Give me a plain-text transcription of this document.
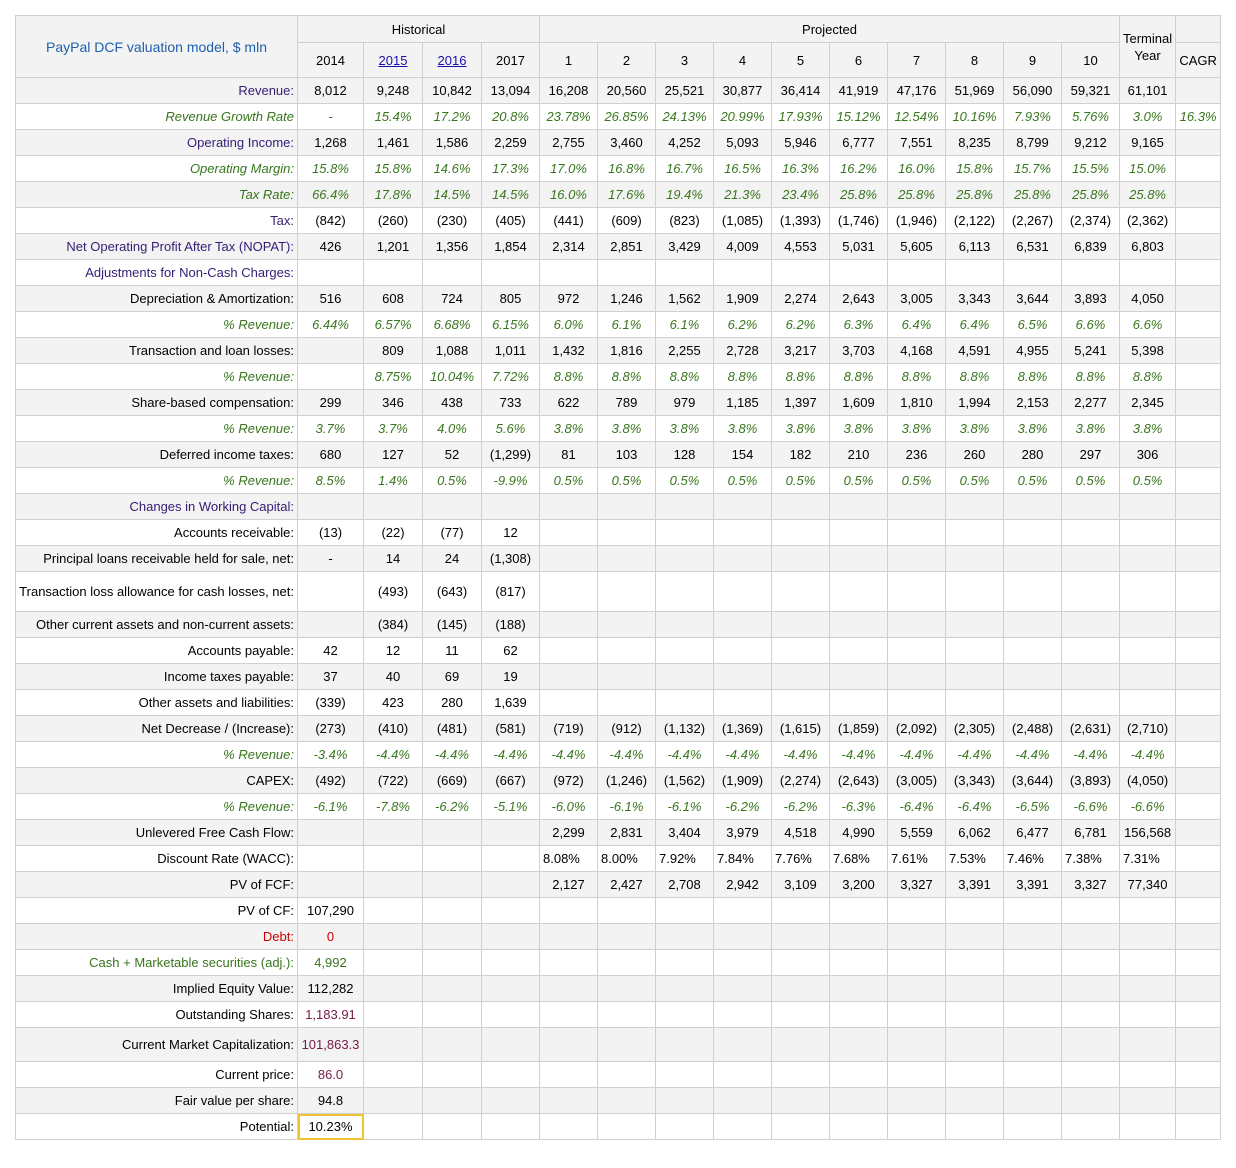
PayPal DCF valuation model, $ mln	Historical				Projected										Terminal Year	
	2014	2015	2016	2017	1	2	3	4	5	6	7	8	9	10		CAGR
Revenue:	8,012	9,248	10,842	13,094	16,208	20,560	25,521	30,877	36,414	41,919	47,176	51,969	56,090	59,321	61,101	
Revenue Growth Rate	-	15.4%	17.2%	20.8%	23.78%	26.85%	24.13%	20.99%	17.93%	15.12%	12.54%	10.16%	7.93%	5.76%	3.0%	16.3%
Operating Income:	1,268	1,461	1,586	2,259	2,755	3,460	4,252	5,093	5,946	6,777	7,551	8,235	8,799	9,212	9,165	
Operating Margin:	15.8%	15.8%	14.6%	17.3%	17.0%	16.8%	16.7%	16.5%	16.3%	16.2%	16.0%	15.8%	15.7%	15.5%	15.0%	
Tax Rate:	66.4%	17.8%	14.5%	14.5%	16.0%	17.6%	19.4%	21.3%	23.4%	25.8%	25.8%	25.8%	25.8%	25.8%	25.8%	
Tax:	(842)	(260)	(230)	(405)	(441)	(609)	(823)	(1,085)	(1,393)	(1,746)	(1,946)	(2,122)	(2,267)	(2,374)	(2,362)	
Net Operating Profit After Tax (NOPAT):	426	1,201	1,356	1,854	2,314	2,851	3,429	4,009	4,553	5,031	5,605	6,113	6,531	6,839	6,803	
Adjustments for Non-Cash Charges:																
Depreciation & Amortization:	516	608	724	805	972	1,246	1,562	1,909	2,274	2,643	3,005	3,343	3,644	3,893	4,050	
% Revenue:	6.44%	6.57%	6.68%	6.15%	6.0%	6.1%	6.1%	6.2%	6.2%	6.3%	6.4%	6.4%	6.5%	6.6%	6.6%	
Transaction and loan losses:		809	1,088	1,011	1,432	1,816	2,255	2,728	3,217	3,703	4,168	4,591	4,955	5,241	5,398	
% Revenue:		8.75%	10.04%	7.72%	8.8%	8.8%	8.8%	8.8%	8.8%	8.8%	8.8%	8.8%	8.8%	8.8%	8.8%	
Share-based compensation:	299	346	438	733	622	789	979	1,185	1,397	1,609	1,810	1,994	2,153	2,277	2,345	
% Revenue:	3.7%	3.7%	4.0%	5.6%	3.8%	3.8%	3.8%	3.8%	3.8%	3.8%	3.8%	3.8%	3.8%	3.8%	3.8%	
Deferred income taxes:	680	127	52	(1,299)	81	103	128	154	182	210	236	260	280	297	306	
% Revenue:	8.5%	1.4%	0.5%	-9.9%	0.5%	0.5%	0.5%	0.5%	0.5%	0.5%	0.5%	0.5%	0.5%	0.5%	0.5%	
Changes in Working Capital:																
Accounts receivable:	(13)	(22)	(77)	12												
Principal loans receivable held for sale, net:	-	14	24	(1,308)												
Transaction loss allowance for cash losses, net:		(493)	(643)	(817)												
Other current assets and non-current assets:		(384)	(145)	(188)												
Accounts payable:	42	12	11	62												
Income taxes payable:	37	40	69	19												
Other assets and liabilities:	(339)	423	280	1,639												
Net Decrease / (Increase):	(273)	(410)	(481)	(581)	(719)	(912)	(1,132)	(1,369)	(1,615)	(1,859)	(2,092)	(2,305)	(2,488)	(2,631)	(2,710)	
% Revenue:	-3.4%	-4.4%	-4.4%	-4.4%	-4.4%	-4.4%	-4.4%	-4.4%	-4.4%	-4.4%	-4.4%	-4.4%	-4.4%	-4.4%	-4.4%	
CAPEX:	(492)	(722)	(669)	(667)	(972)	(1,246)	(1,562)	(1,909)	(2,274)	(2,643)	(3,005)	(3,343)	(3,644)	(3,893)	(4,050)	
% Revenue:	-6.1%	-7.8%	-6.2%	-5.1%	-6.0%	-6.1%	-6.1%	-6.2%	-6.2%	-6.3%	-6.4%	-6.4%	-6.5%	-6.6%	-6.6%	
Unlevered Free Cash Flow:					2,299	2,831	3,404	3,979	4,518	4,990	5,559	6,062	6,477	6,781	156,568	
Discount Rate (WACC):					8.08%	8.00%	7.92%	7.84%	7.76%	7.68%	7.61%	7.53%	7.46%	7.38%	7.31%	
PV of FCF:					2,127	2,427	2,708	2,942	3,109	3,200	3,327	3,391	3,391	3,327	77,340	
PV of CF:	107,290															
Debt:	0															
Cash + Marketable securities (adj.):	4,992															
Implied Equity Value:	112,282															
Outstanding Shares:	1,183.91															
Current Market Capitalization:	101,863.3															
Current price:	86.0															
Fair value per share:	94.8															
Potential:	10.23%															
